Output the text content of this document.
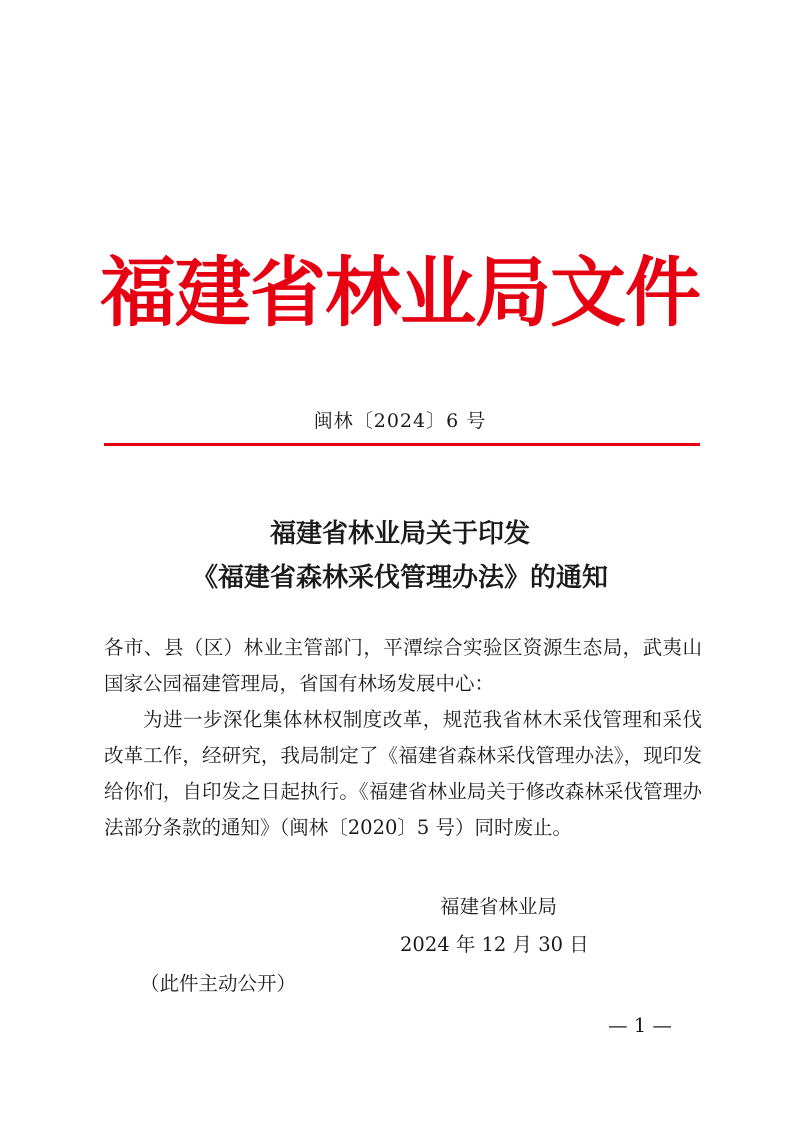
福建省林业局文件
闽林〔2024〕6 号
福建省林业局关于印发
《福建省森林采伐管理办法》的通知

各市、县（区）林业主管部门，平潭综合实验区资源生态局，武夷山国家公园福建管理局，省国有林场发展中心：

为进一步深化集体林权制度改革，规范我省林木采伐管理和采伐改革工作，经研究，我局制定了《福建省森林采伐管理办法》，现印发给你们，自印发之日起执行。《福建省林业局关于修改森林采伐管理办法部分条款的通知》（闽林〔2020〕5 号）同时废止。

福建省林业局
2024 年 12 月 30 日
（此件主动公开）
— 1 —
